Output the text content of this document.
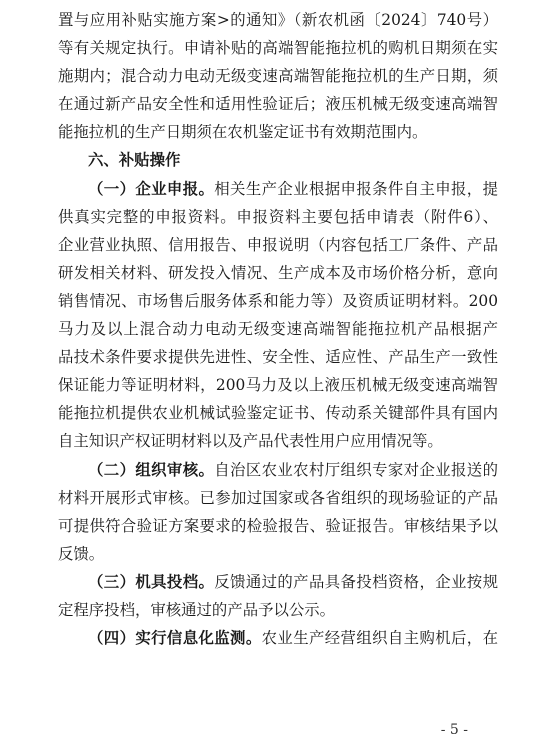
置与应用补贴实施方案>的通知》（新农机函〔2024〕740号）
等有关规定执行。申请补贴的高端智能拖拉机的购机日期须在实
施期内；混合动力电动无级变速高端智能拖拉机的生产日期，须
在通过新产品安全性和适用性验证后；液压机械无级变速高端智
能拖拉机的生产日期须在农机鉴定证书有效期范围内。
六、补贴操作
（一）企业申报。相关生产企业根据申报条件自主申报，提
供真实完整的申报资料。申报资料主要包括申请表（附件6）、
企业营业执照、信用报告、申报说明（内容包括工厂条件、产品
研发相关材料、研发投入情况、生产成本及市场价格分析，意向
销售情况、市场售后服务体系和能力等）及资质证明材料。200
马力及以上混合动力电动无级变速高端智能拖拉机产品根据产
品技术条件要求提供先进性、安全性、适应性、产品生产一致性
保证能力等证明材料，200马力及以上液压机械无级变速高端智
能拖拉机提供农业机械试验鉴定证书、传动系关键部件具有国内
自主知识产权证明材料以及产品代表性用户应用情况等。
（二）组织审核。自治区农业农村厅组织专家对企业报送的
材料开展形式审核。已参加过国家或各省组织的现场验证的产品
可提供符合验证方案要求的检验报告、验证报告。审核结果予以
反馈。
（三）机具投档。反馈通过的产品具备投档资格，企业按规
定程序投档，审核通过的产品予以公示。
（四）实行信息化监测。农业生产经营组织自主购机后，在
- 5 -
